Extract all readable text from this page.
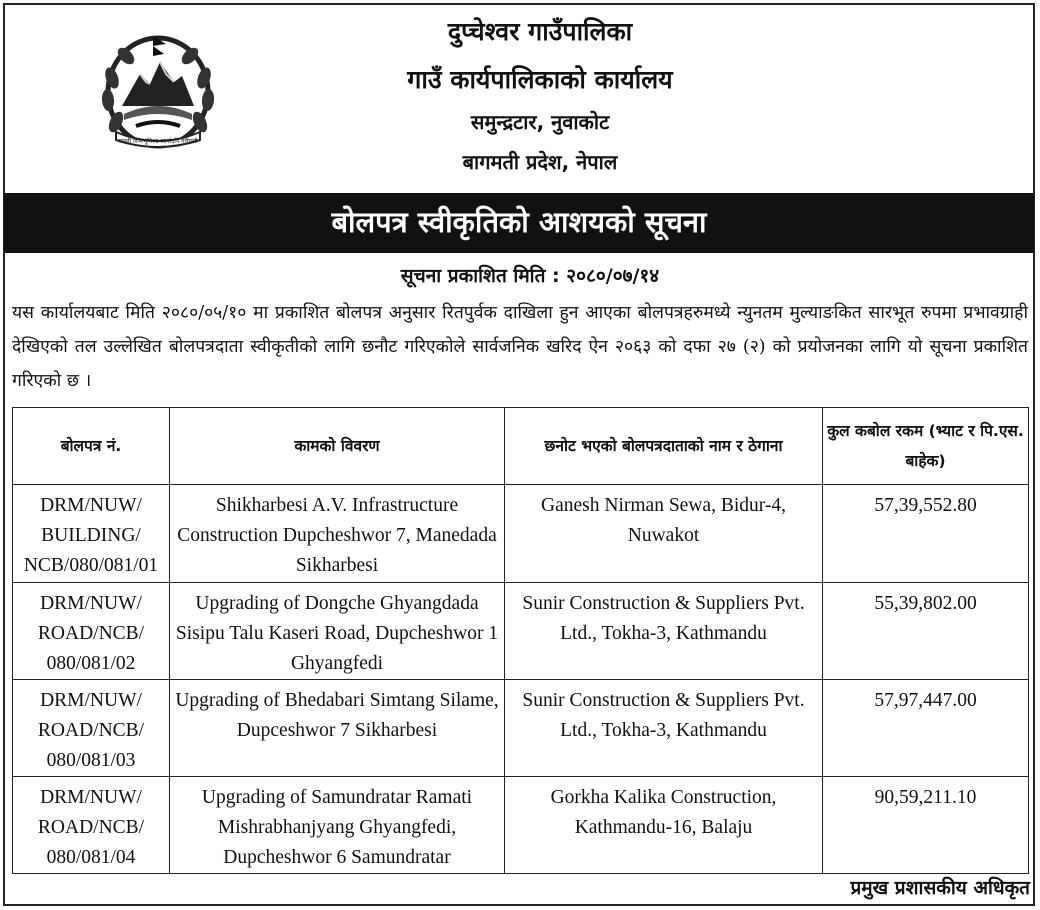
जननी जन्मभूमिश्च स्वर्गादपि गरीयसी
दुप्चेश्वर गाउँपालिका
गाउँ कार्यपालिकाको कार्यालय
समुन्द्रटार, नुवाकोट
बागमती प्रदेश, नेपाल
बोलपत्र स्वीकृतिको आशयको सूचना
सूचना प्रकाशित मिति : २०८०/०७/१४
यस कार्यालयबाट मिति २०८०/०५/१० मा प्रकाशित बोलपत्र अनुसार रितपुर्वक दाखिला हुन आएका बोलपत्रहरुमध्ये न्युनतम मुल्याङकित सारभूत रुपमा प्रभावग्राही देखिएको तल उल्लेखित बोलपत्रदाता स्वीकृतीको लागि छनौट गरिएकोले सार्वजनिक खरिद ऐन २०६३ को दफा २७ (२) को प्रयोजनका लागि यो सूचना प्रकाशित गरिएको छ ।
बोलपत्र नं.	कामको विवरण	छनोट भएको बोलपत्रदाताको नाम र ठेगाना	कुल कबोल रकम (भ्याट र पि.एस. बाहेक)
DRM/NUW/ BUILDING/ NCB/080/081/01	Shikharbesi A.V. Infrastructure Construction Dupcheshwor 7, Manedada Sikharbesi	Ganesh Nirman Sewa, Bidur-4, Nuwakot	57,39,552.80
DRM/NUW/ ROAD/NCB/ 080/081/02	Upgrading of Dongche Ghyangdada Sisipu Talu Kaseri Road, Dupcheshwor 1 Ghyangfedi	Sunir Construction & Suppliers Pvt. Ltd., Tokha-3, Kathmandu	55,39,802.00
DRM/NUW/ ROAD/NCB/ 080/081/03	Upgrading of Bhedabari Simtang Silame, Dupceshwor 7 Sikharbesi	Sunir Construction & Suppliers Pvt. Ltd., Tokha-3, Kathmandu	57,97,447.00
DRM/NUW/ ROAD/NCB/ 080/081/04	Upgrading of Samundratar Ramati Mishrabhanjyang Ghyangfedi, Dupcheshwor 6 Samundratar	Gorkha Kalika Construction, Kathmandu-16, Balaju	90,59,211.10
प्रमुख प्रशासकीय अधिकृत
